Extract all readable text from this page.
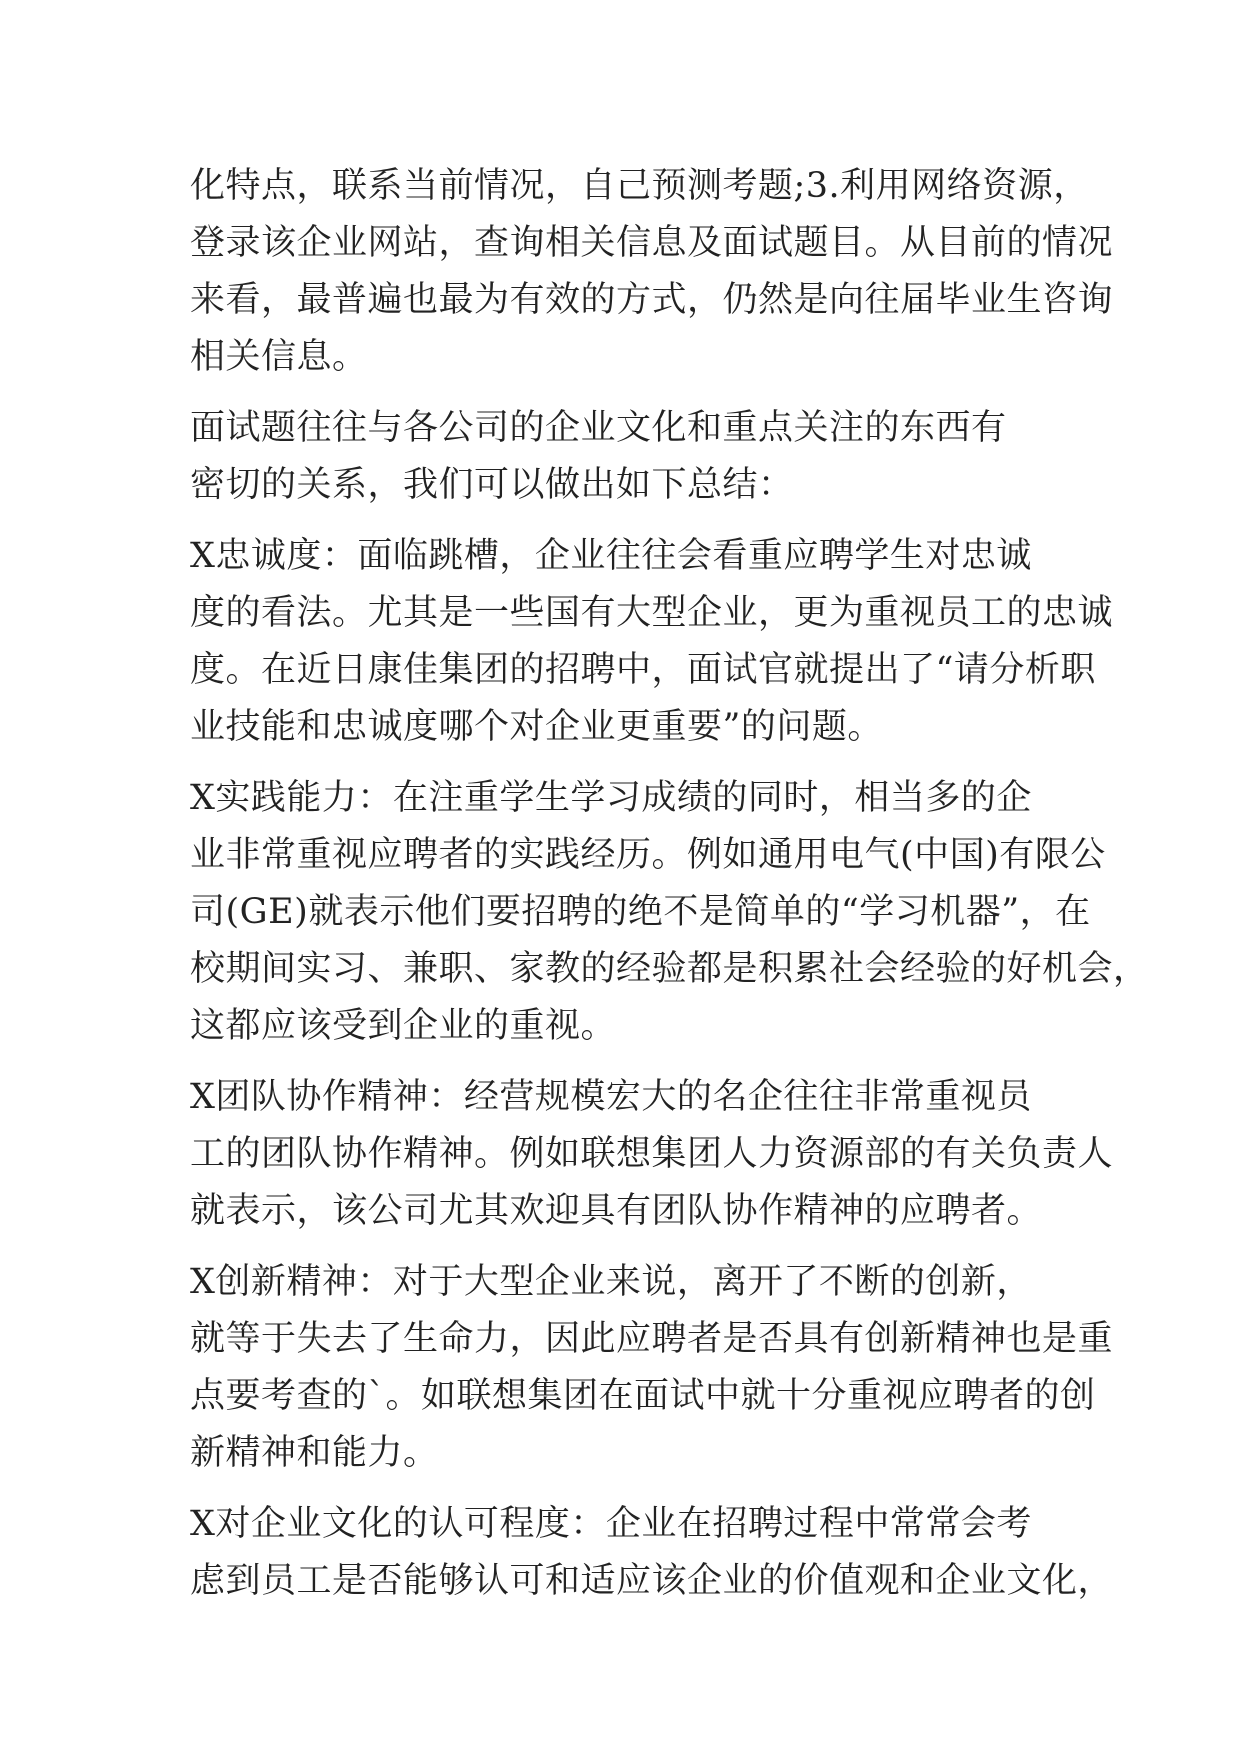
化特点，联系当前情况，自己预测考题;3.利用网络资源，
登录该企业网站，查询相关信息及面试题目。从目前的情况
来看，最普遍也最为有效的方式，仍然是向往届毕业生咨询
相关信息。
面试题往往与各公司的企业文化和重点关注的东西有
密切的关系，我们可以做出如下总结：
X忠诚度：面临跳槽，企业往往会看重应聘学生对忠诚
度的看法。尤其是一些国有大型企业，更为重视员工的忠诚
度。在近日康佳集团的招聘中，面试官就提出了“请分析职
业技能和忠诚度哪个对企业更重要”的问题。
X实践能力：在注重学生学习成绩的同时，相当多的企
业非常重视应聘者的实践经历。例如通用电气(中国)有限公
司(GE)就表示他们要招聘的绝不是简单的“学习机器”，在
校期间实习、兼职、家教的经验都是积累社会经验的好机会，
这都应该受到企业的重视。
X团队协作精神：经营规模宏大的名企往往非常重视员
工的团队协作精神。例如联想集团人力资源部的有关负责人
就表示，该公司尤其欢迎具有团队协作精神的应聘者。
X创新精神：对于大型企业来说，离开了不断的创新，
就等于失去了生命力，因此应聘者是否具有创新精神也是重
点要考查的`。如联想集团在面试中就十分重视应聘者的创
新精神和能力。
X对企业文化的认可程度：企业在招聘过程中常常会考
虑到员工是否能够认可和适应该企业的价值观和企业文化，
